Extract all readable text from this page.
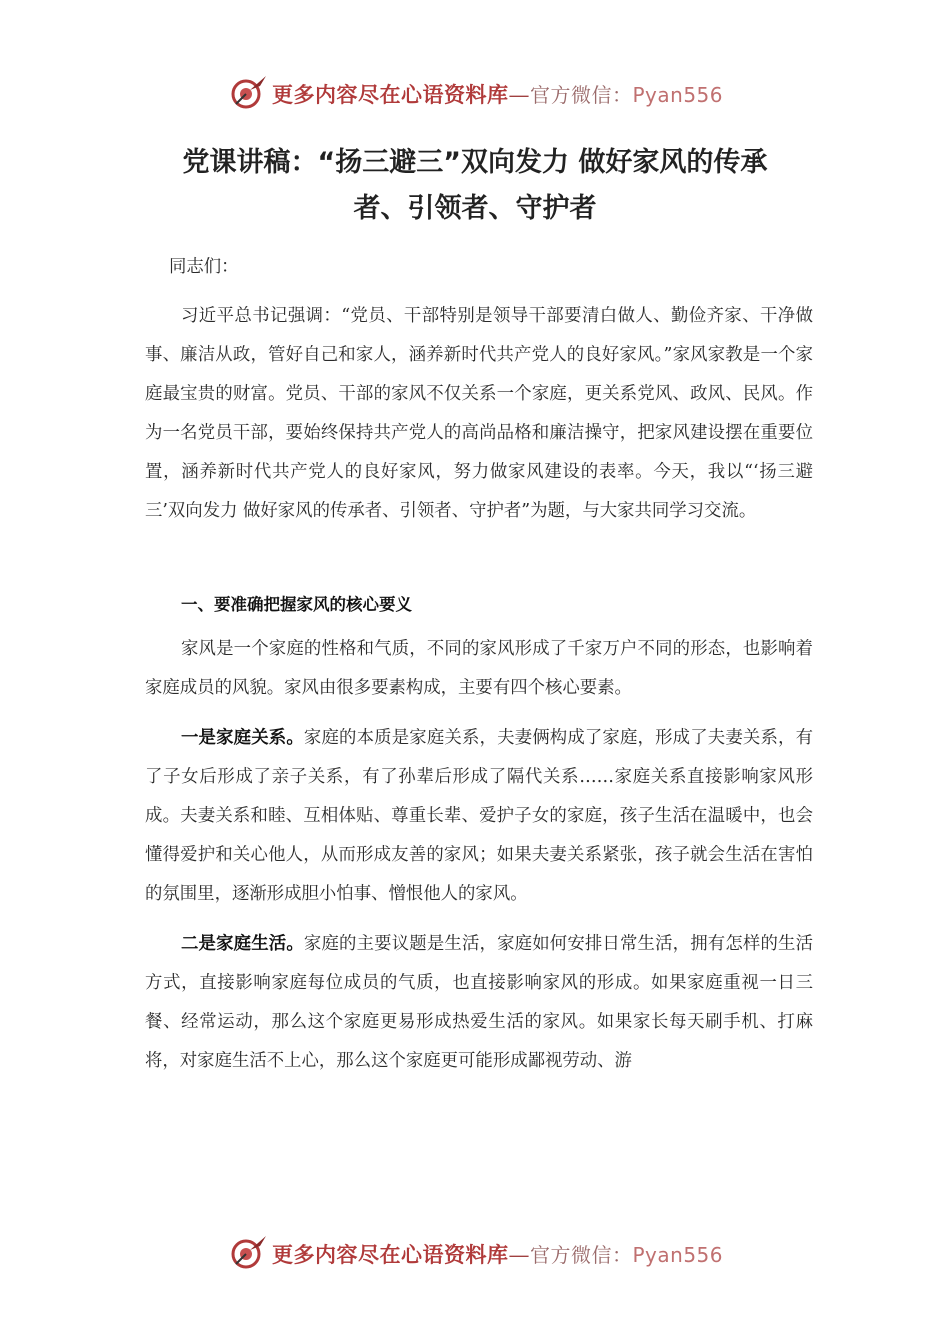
更多内容尽在心语资料库—官方微信：Pyan556
党课讲稿：“扬三避三”双向发力 做好家风的传承
者、引领者、守护者

同志们：

习近平总书记强调：“党员、干部特别是领导干部要清白做人、勤俭齐家、干净做事、廉洁从政，管好自己和家人，涵养新时代共产党人的良好家风。”家风家教是一个家庭最宝贵的财富。党员、干部的家风不仅关系一个家庭，更关系党风、政风、民风。作为一名党员干部，要始终保持共产党人的高尚品格和廉洁操守，把家风建设摆在重要位置，涵养新时代共产党人的良好家风，努力做家风建设的表率。今天，我以“‘扬三避三’双向发力 做好家风的传承者、引领者、守护者”为题，与大家共同学习交流。

一、要准确把握家风的核心要义

家风是一个家庭的性格和气质，不同的家风形成了千家万户不同的形态，也影响着家庭成员的风貌。家风由很多要素构成，主要有四个核心要素。

一是家庭关系。家庭的本质是家庭关系，夫妻俩构成了家庭，形成了夫妻关系，有了子女后形成了亲子关系，有了孙辈后形成了隔代关系……家庭关系直接影响家风形成。夫妻关系和睦、互相体贴、尊重长辈、爱护子女的家庭，孩子生活在温暖中，也会懂得爱护和关心他人，从而形成友善的家风；如果夫妻关系紧张，孩子就会生活在害怕的氛围里，逐渐形成胆小怕事、憎恨他人的家风。

二是家庭生活。家庭的主要议题是生活，家庭如何安排日常生活，拥有怎样的生活方式，直接影响家庭每位成员的气质，也直接影响家风的形成。如果家庭重视一日三餐、经常运动，那么这个家庭更易形成热爱生活的家风。如果家长每天刷手机、打麻将，对家庭生活不上心，那么这个家庭更可能形成鄙视劳动、游

更多内容尽在心语资料库—官方微信：Pyan556
